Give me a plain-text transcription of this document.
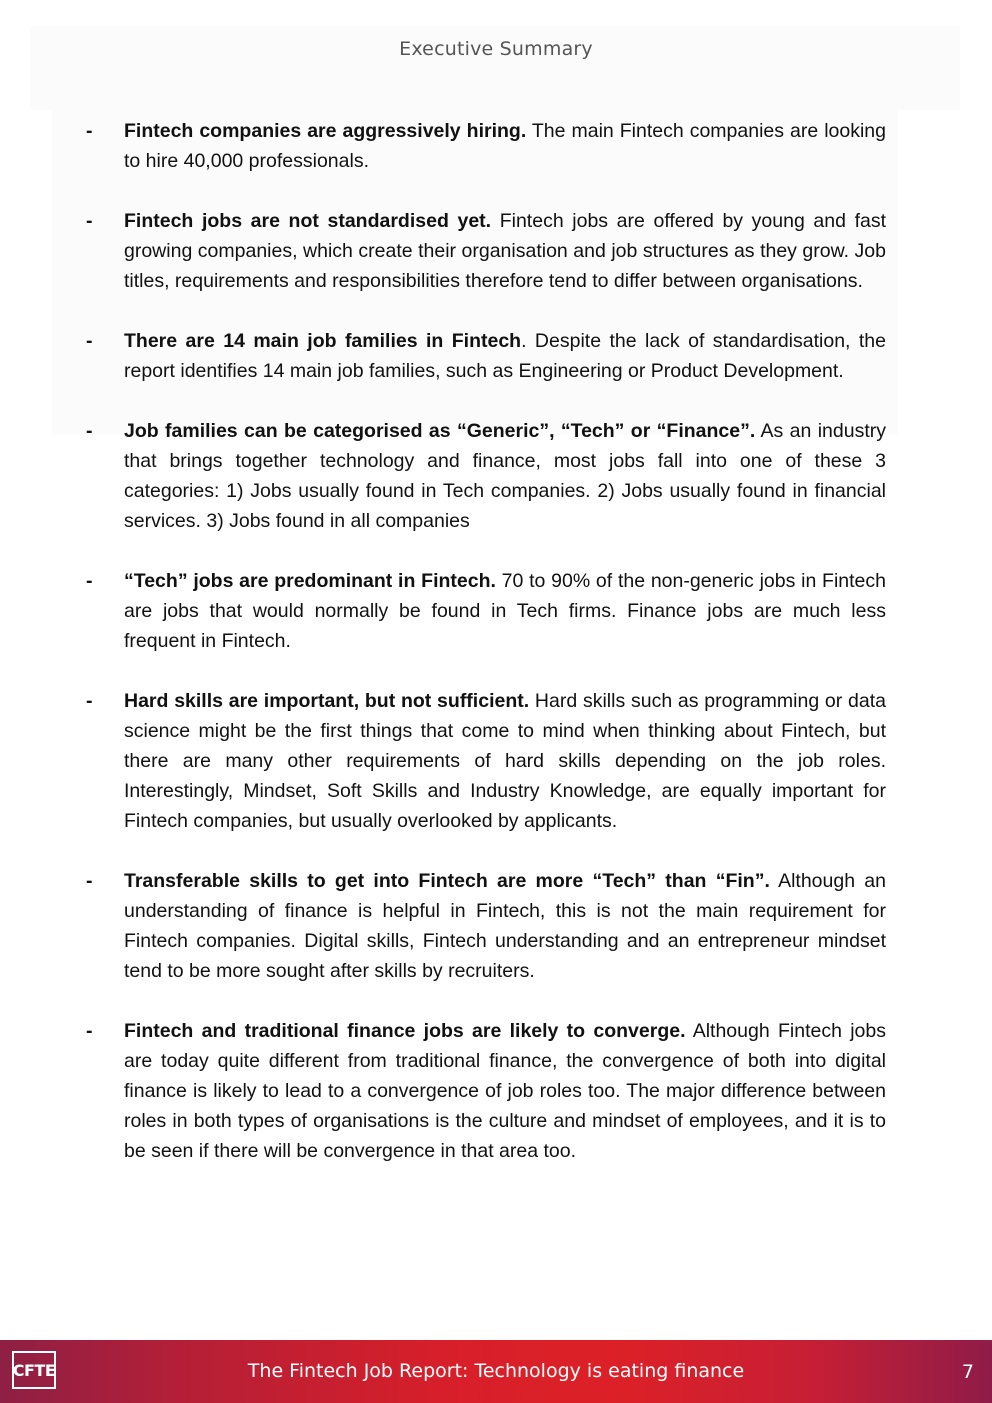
Executive Summary
- Fintech companies are aggressively hiring. The main Fintech companies are looking to hire 40,000 professionals.
- Fintech jobs are not standardised yet. Fintech jobs are offered by young and fast growing companies, which create their organisation and job structures as they grow. Job titles, requirements and responsibilities therefore tend to differ between organisations.
- There are 14 main job families in Fintech. Despite the lack of standardisation, the report identifies 14 main job families, such as Engineering or Product Development.
- Job families can be categorised as “Generic”, “Tech” or “Finance”. As an industry that brings together technology and finance, most jobs fall into one of these 3 categories: 1) Jobs usually found in Tech companies. 2) Jobs usually found in financial services. 3) Jobs found in all companies
- “Tech” jobs are predominant in Fintech. 70 to 90% of the non-generic jobs in Fintech are jobs that would normally be found in Tech firms. Finance jobs are much less frequent in Fintech.
- Hard skills are important, but not sufficient. Hard skills such as programming or data science might be the first things that come to mind when thinking about Fintech, but there are many other requirements of hard skills depending on the job roles. Interestingly, Mindset, Soft Skills and Industry Knowledge, are equally important for Fintech companies, but usually overlooked by applicants.
- Transferable skills to get into Fintech are more “Tech” than “Fin”. Although an understanding of finance is helpful in Fintech, this is not the main requirement for Fintech companies. Digital skills, Fintech understanding and an entrepreneur mindset tend to be more sought after skills by recruiters.
- Fintech and traditional finance jobs are likely to converge. Although Fintech jobs are today quite different from traditional finance, the convergence of both into digital finance is likely to lead to a convergence of job roles too. The major difference between roles in both types of organisations is the culture and mindset of employees, and it is to be seen if there will be convergence in that area too.
CFTE	The Fintech Job Report: Technology is eating finance	7
